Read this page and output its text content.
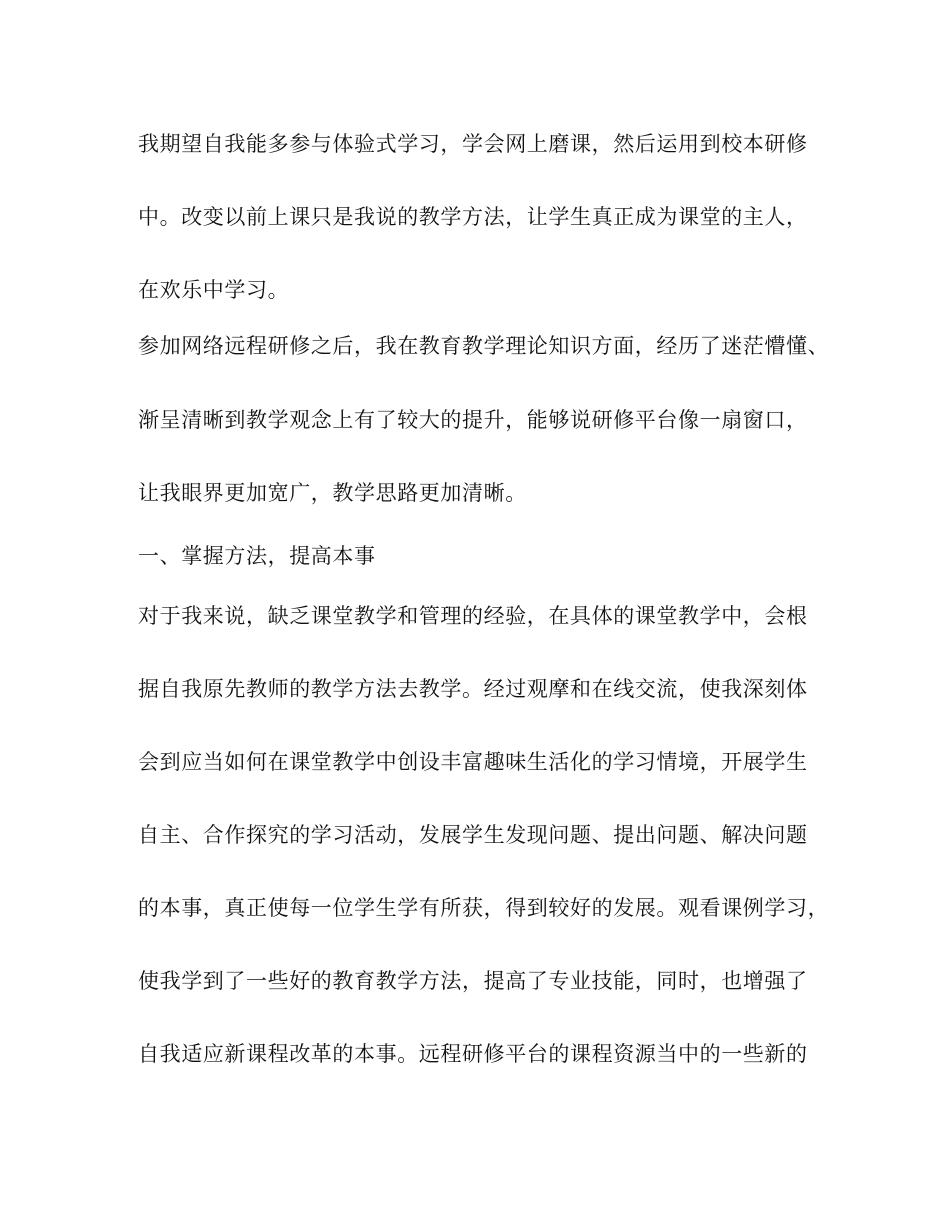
我期望自我能多参与体验式学习，学会网上磨课，然后运用到校本研修
中。改变以前上课只是我说的教学方法，让学生真正成为课堂的主人，
在欢乐中学习。
参加网络远程研修之后，我在教育教学理论知识方面，经历了迷茫懵懂、
渐呈清晰到教学观念上有了较大的提升，能够说研修平台像一扇窗口，
让我眼界更加宽广，教学思路更加清晰。
一、掌握方法，提高本事
对于我来说，缺乏课堂教学和管理的经验，在具体的课堂教学中，会根
据自我原先教师的教学方法去教学。经过观摩和在线交流，使我深刻体
会到应当如何在课堂教学中创设丰富趣味生活化的学习情境，开展学生
自主、合作探究的学习活动，发展学生发现问题、提出问题、解决问题
的本事，真正使每一位学生学有所获，得到较好的发展。观看课例学习，
使我学到了一些好的教育教学方法，提高了专业技能，同时，也增强了
自我适应新课程改革的本事。远程研修平台的课程资源当中的一些新的
